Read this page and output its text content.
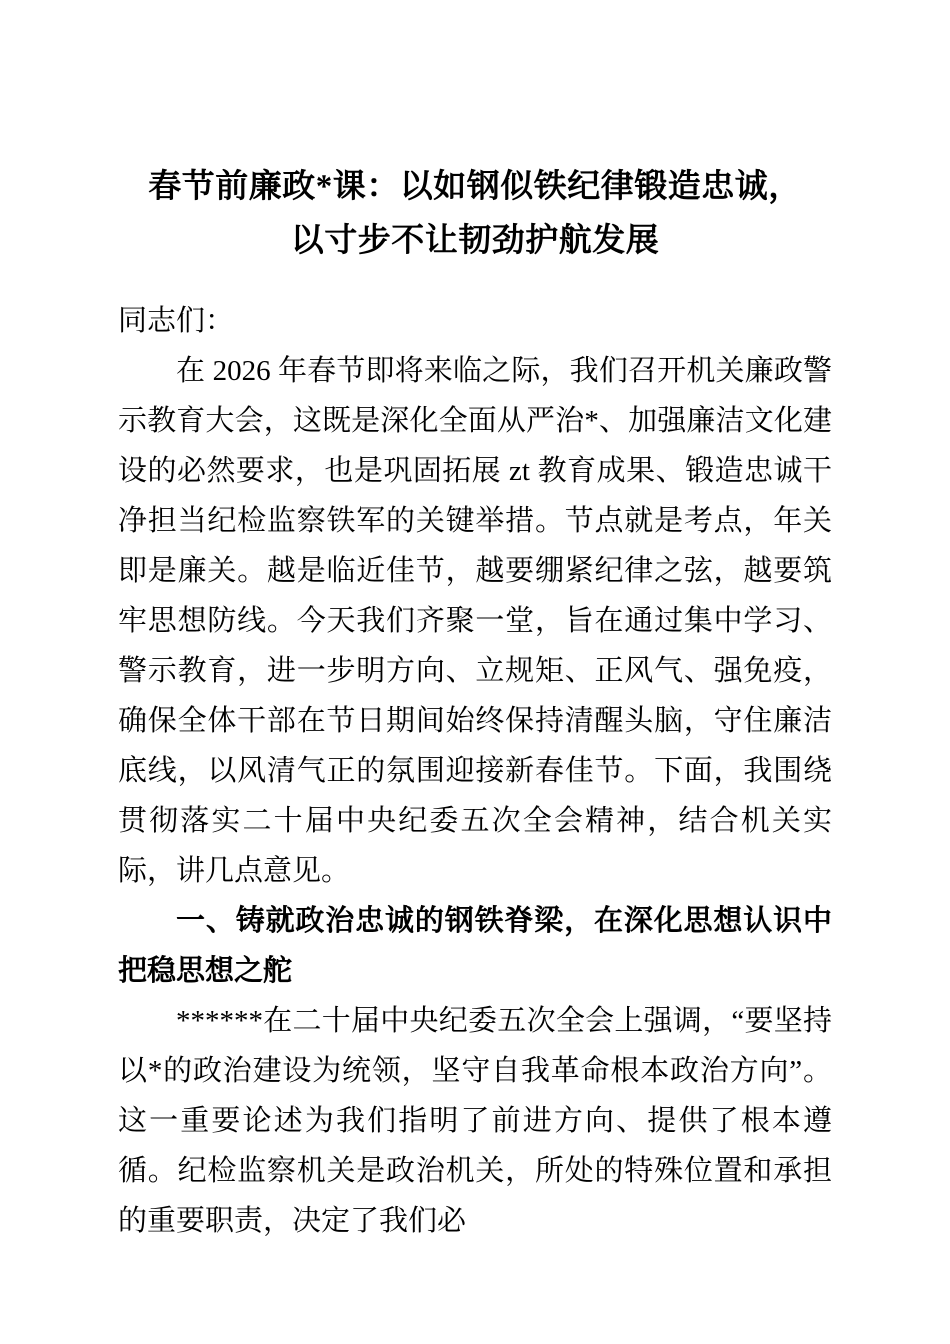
春节前廉政*课：以如钢似铁纪律锻造忠诚，
以寸步不让韧劲护航发展

同志们：

在 2026 年春节即将来临之际，我们召开机关廉政警示教育大会，这既是深化全面从严治*、加强廉洁文化建设的必然要求，也是巩固拓展 zt 教育成果、锻造忠诚干净担当纪检监察铁军的关键举措。节点就是考点，年关即是廉关。越是临近佳节，越要绷紧纪律之弦，越要筑牢思想防线。今天我们齐聚一堂，旨在通过集中学习、警示教育，进一步明方向、立规矩、正风气、强免疫，确保全体干部在节日期间始终保持清醒头脑，守住廉洁底线，以风清气正的氛围迎接新春佳节。下面，我围绕贯彻落实二十届中央纪委五次全会精神，结合机关实际，讲几点意见。

一、铸就政治忠诚的钢铁脊梁，在深化思想认识中把稳思想之舵

******在二十届中央纪委五次全会上强调，“要坚持以*的政治建设为统领，坚守自我革命根本政治方向”。这一重要论述为我们指明了前进方向、提供了根本遵循。纪检监察机关是政治机关，所处的特殊位置和承担的重要职责，决定了我们必
